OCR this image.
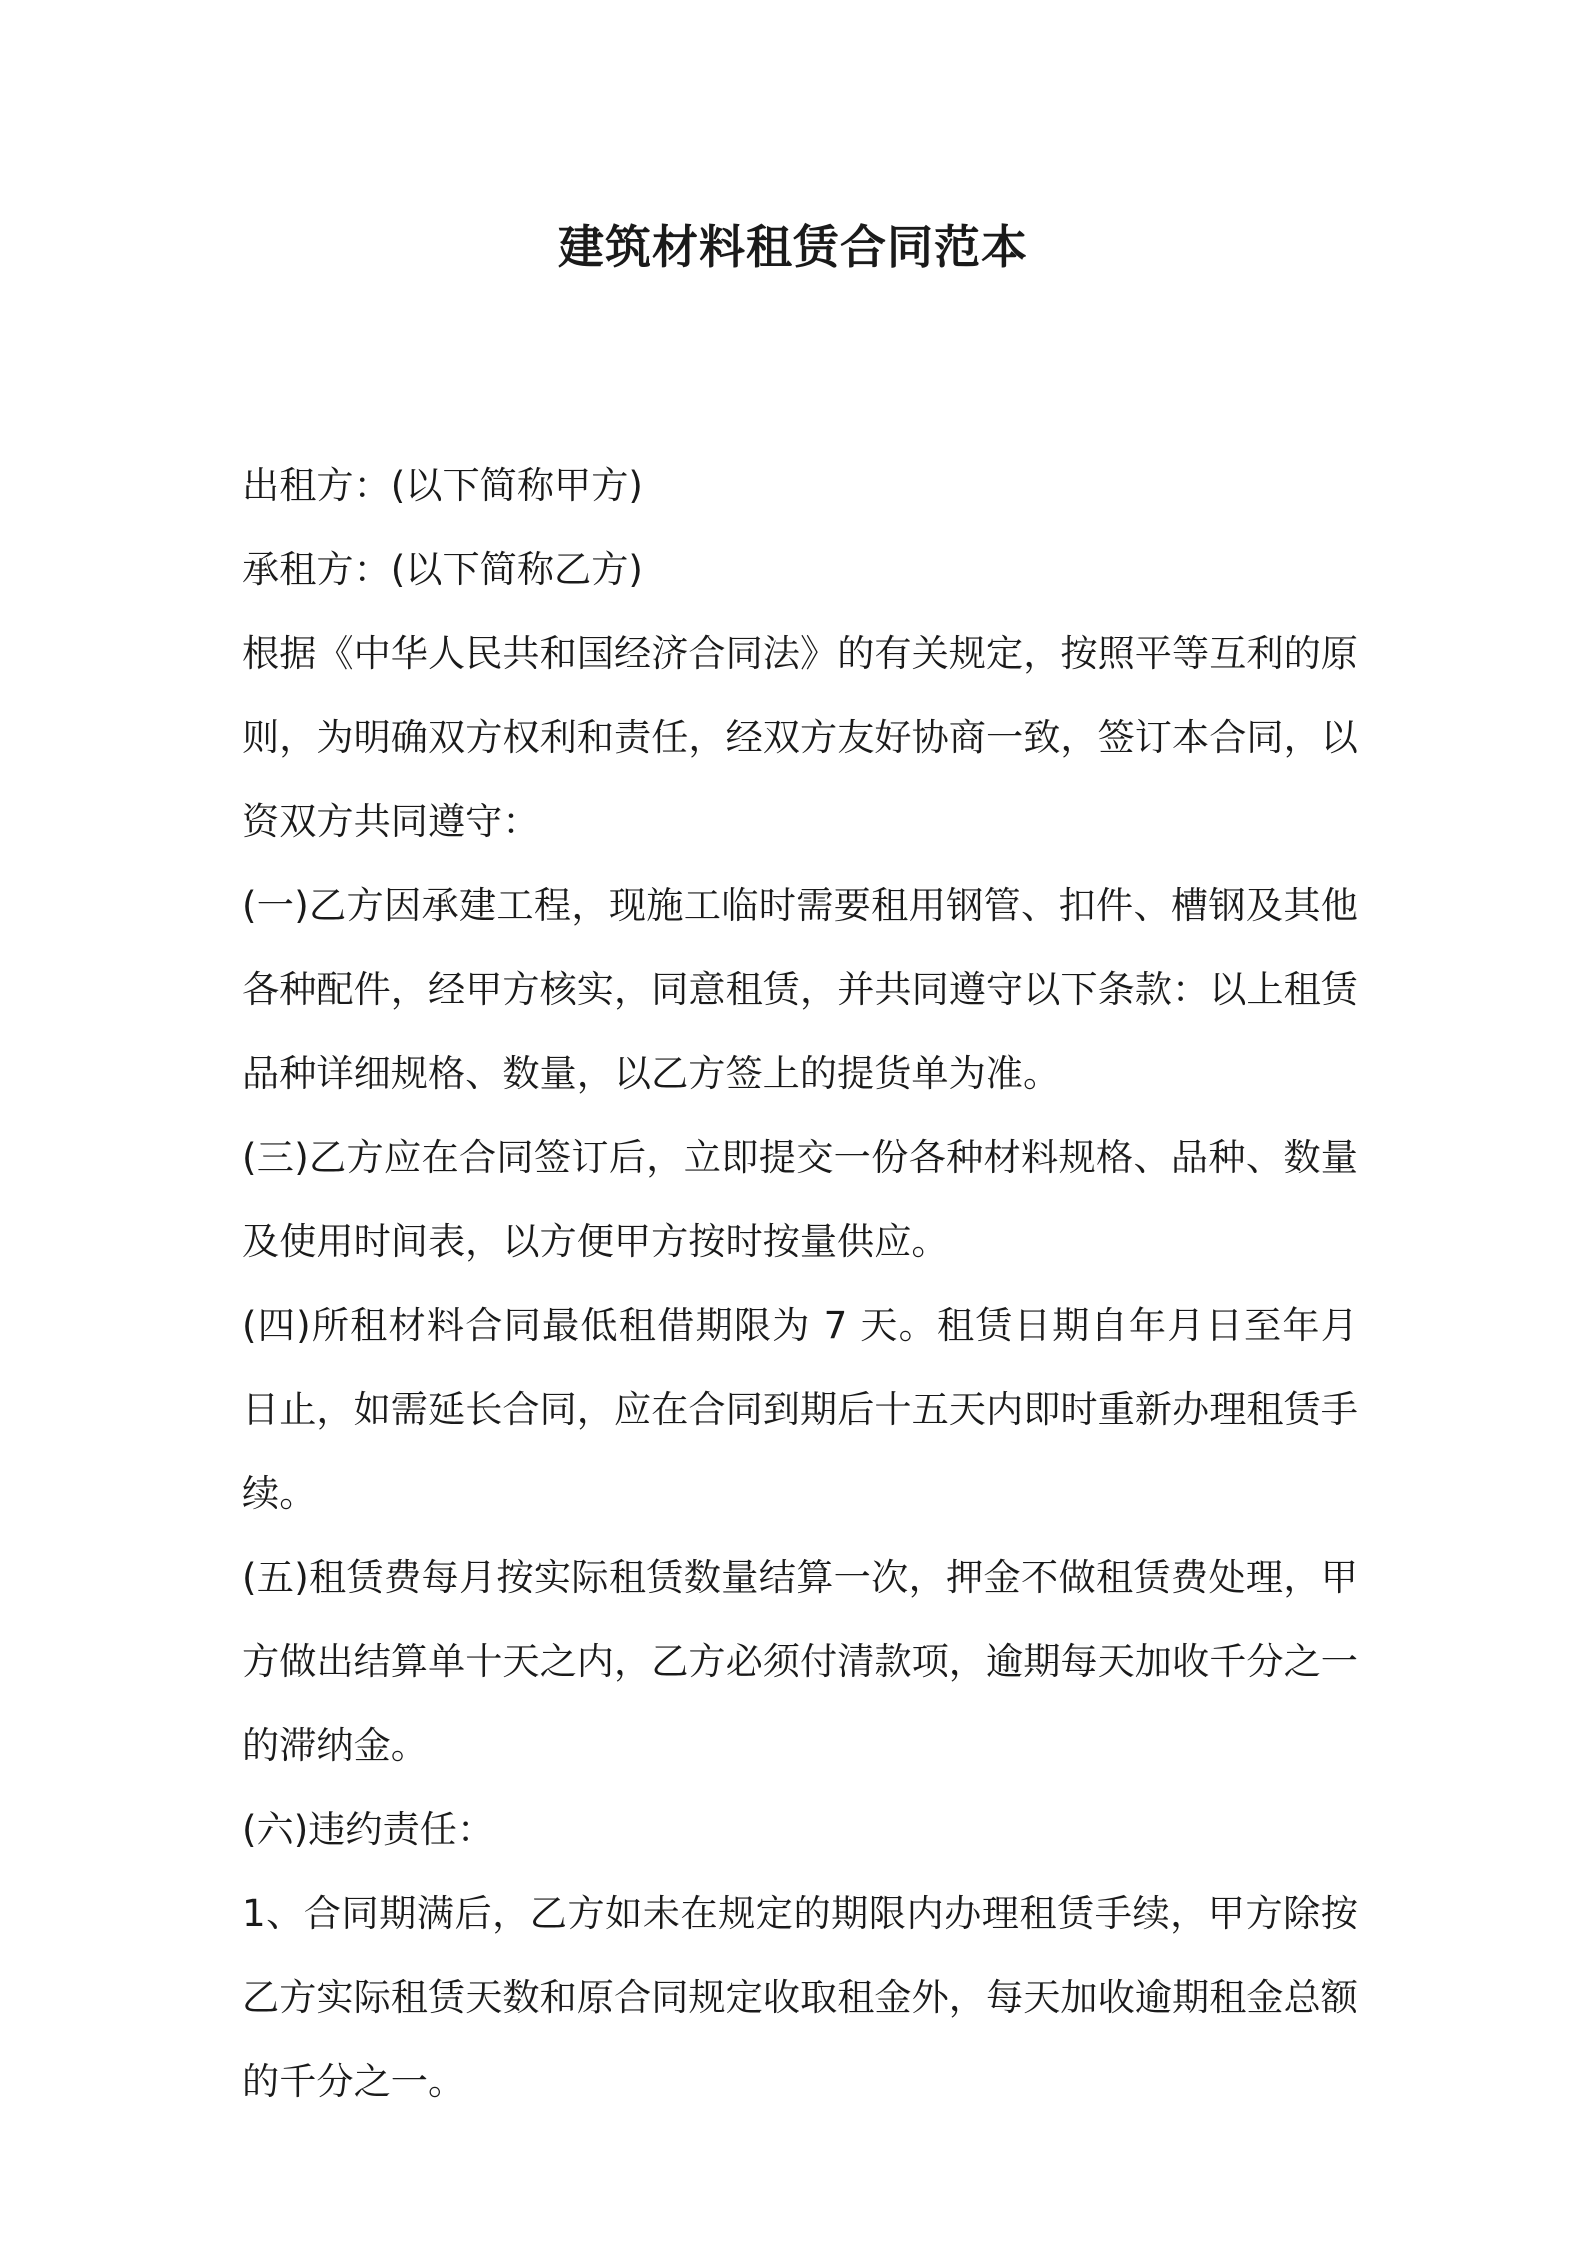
建筑材料租赁合同范本

出租方：(以下简称甲方)

承租方：(以下简称乙方)

根据《中华人民共和国经济合同法》的有关规定，按照平等互利的原则，为明确双方权利和责任，经双方友好协商一致，签订本合同，以资双方共同遵守：

(一)乙方因承建工程，现施工临时需要租用钢管、扣件、槽钢及其他各种配件，经甲方核实，同意租赁，并共同遵守以下条款：以上租赁品种详细规格、数量，以乙方签上的提货单为准。

(三)乙方应在合同签订后，立即提交一份各种材料规格、品种、数量及使用时间表，以方便甲方按时按量供应。

(四)所租材料合同最低租借期限为 7 天。租赁日期自年月日至年月日止，如需延长合同，应在合同到期后十五天内即时重新办理租赁手续。

(五)租赁费每月按实际租赁数量结算一次，押金不做租赁费处理，甲方做出结算单十天之内，乙方必须付清款项，逾期每天加收千分之一的滞纳金。

(六)违约责任：

1、合同期满后，乙方如未在规定的期限内办理租赁手续，甲方除按乙方实际租赁天数和原合同规定收取租金外，每天加收逾期租金总额的千分之一。
